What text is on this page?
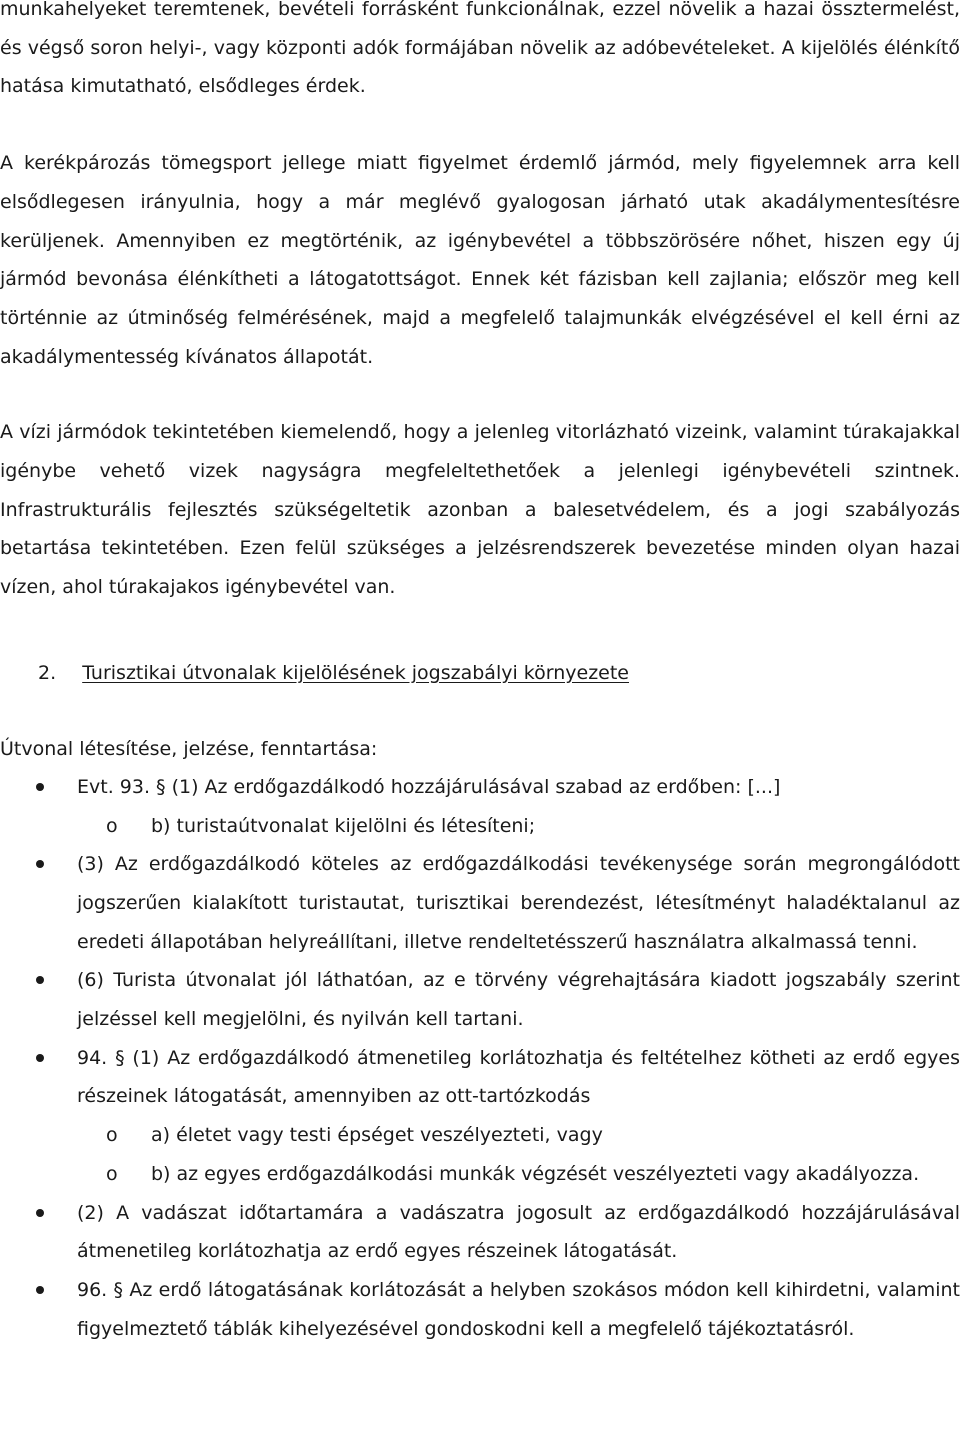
munkahelyeket teremtenek, bevételi forrásként funkcionálnak, ezzel növelik a hazai össztermelést, és végső soron helyi-, vagy központi adók formájában növelik az adóbevételeket. A kijelölés élénkítő hatása kimutatható, elsődleges érdek.

A kerékpározás tömegsport jellege miatt figyelmet érdemlő jármód, mely figyelemnek arra kell elsődlegesen irányulnia, hogy a már meglévő gyalogosan járható utak akadálymentesítésre kerüljenek. Amennyiben ez megtörténik, az igénybevétel a többszörösére nőhet, hiszen egy új jármód bevonása élénkítheti a látogatottságot. Ennek két fázisban kell zajlania; először meg kell történnie az útminőség felmérésének, majd a megfelelő talajmunkák elvégzésével el kell érni az akadálymentesség kívánatos állapotát.

A vízi jármódok tekintetében kiemelendő, hogy a jelenleg vitorlázható vizeink, valamint túrakajakkal igénybe vehető vizek nagyságra megfeleltethetőek a jelenlegi igénybevételi szintnek. Infrastrukturális fejlesztés szükségeltetik azonban a balesetvédelem, és a jogi szabályozás betartása tekintetében. Ezen felül szükséges a jelzésrendszerek bevezetése minden olyan hazai vízen, ahol túrakajakos igénybevétel van.

2. Turisztikai útvonalak kijelölésének jogszabályi környezete
Útvonal létesítése, jelzése, fenntartása:
Evt. 93. § (1) Az erdőgazdálkodó hozzájárulásával szabad az erdőben: [...]
o b) turistaútvonalat kijelölni és létesíteni;
(3) Az erdőgazdálkodó köteles az erdőgazdálkodási tevékenysége során megrongálódott jogszerűen kialakított turistautat, turisztikai berendezést, létesítményt haladéktalanul az eredeti állapotában helyreállítani, illetve rendeltetésszerű használatra alkalmassá tenni.
(6) Turista útvonalat jól láthatóan, az e törvény végrehajtására kiadott jogszabály szerint jelzéssel kell megjelölni, és nyilván kell tartani.
94. § (1) Az erdőgazdálkodó átmenetileg korlátozhatja és feltételhez kötheti az erdő egyes részeinek látogatását, amennyiben az ott-tartózkodás
o a) életet vagy testi épséget veszélyezteti, vagy
o b) az egyes erdőgazdálkodási munkák végzését veszélyezteti vagy akadályozza.
(2) A vadászat időtartamára a vadászatra jogosult az erdőgazdálkodó hozzájárulásával átmenetileg korlátozhatja az erdő egyes részeinek látogatását.
96. § Az erdő látogatásának korlátozását a helyben szokásos módon kell kihirdetni, valamint figyelmeztető táblák kihelyezésével gondoskodni kell a megfelelő tájékoztatásról.
